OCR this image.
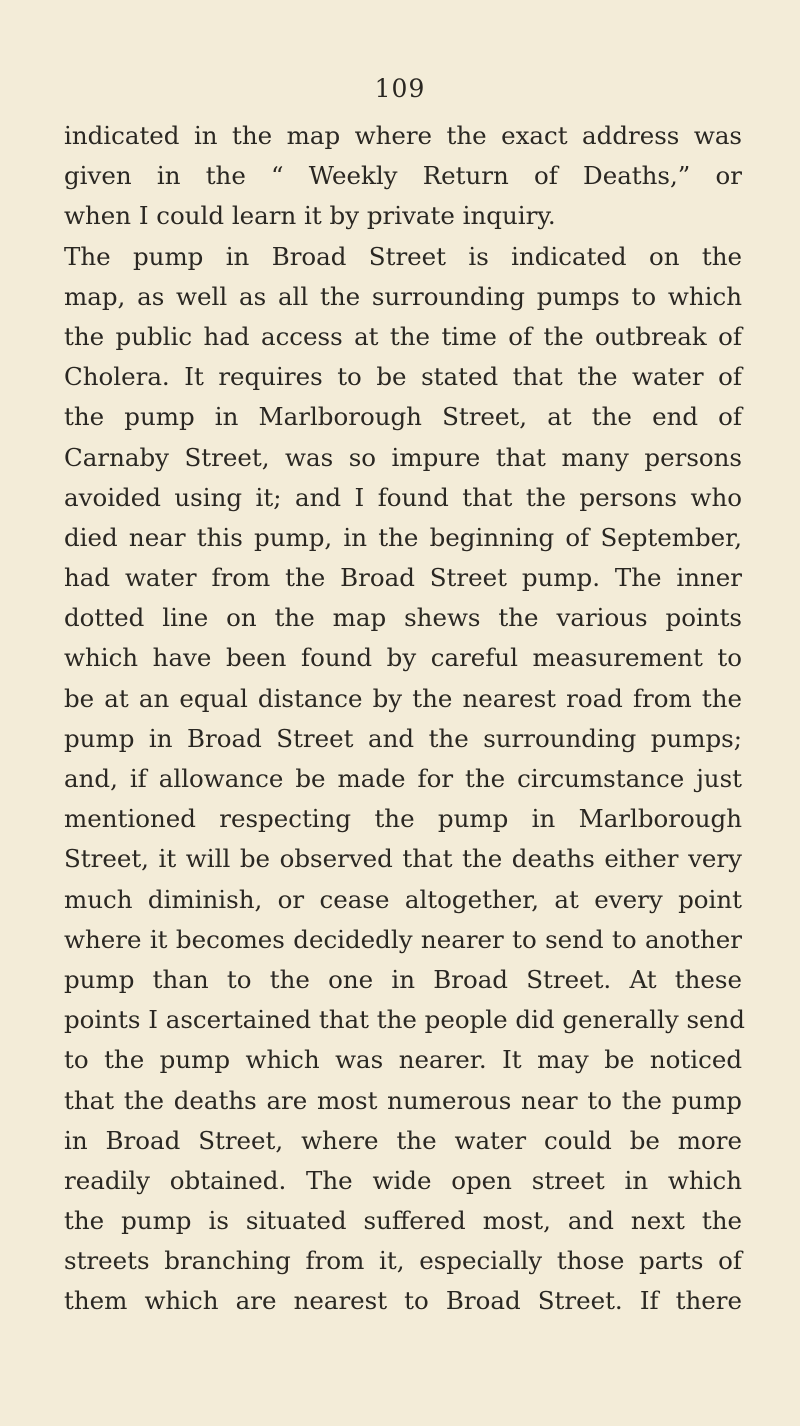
109
indicated in the map where the exact address was
given in the “ Weekly Return of Deaths,” or
when I could learn it by private inquiry.
The pump in Broad Street is indicated on the
map, as well as all the surrounding pumps to which
the public had access at the time of the outbreak of
Cholera. It requires to be stated that the water of
the pump in Marlborough Street, at the end of
Carnaby Street, was so impure that many persons
avoided using it; and I found that the persons who
died near this pump, in the beginning of September,
had water from the Broad Street pump. The inner
dotted line on the map shews the various points
which have been found by careful measurement to
be at an equal distance by the nearest road from the
pump in Broad Street and the surrounding pumps;
and, if allowance be made for the circumstance just
mentioned respecting the pump in Marlborough
Street, it will be observed that the deaths either very
much diminish, or cease altogether, at every point
where it becomes decidedly nearer to send to another
pump than to the one in Broad Street. At these
points I ascertained that the people did generally send
to the pump which was nearer. It may be noticed
that the deaths are most numerous near to the pump
in Broad Street, where the water could be more
readily obtained. The wide open street in which
the pump is situated suffered most, and next the
streets branching from it, especially those parts of
them which are nearest to Broad Street. If there
